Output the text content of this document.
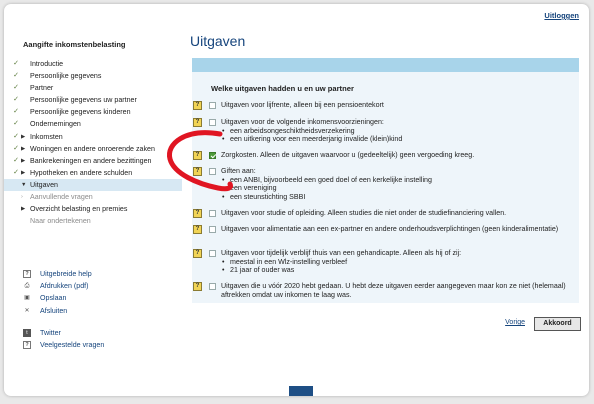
Uitloggen
Aangifte inkomstenbelasting
✓ Introductie
✓ Persoonlijke gegevens
✓ Partner
✓ Persoonlijke gegevens uw partner
✓ Persoonlijke gegevens kinderen
✓ Ondernemingen
✓ ▶ Inkomsten
✓ ▶ Woningen en andere onroerende zaken
✓ ▶ Bankrekeningen en andere bezittingen
✓ ▶ Hypotheken en andere schulden
▼ Uitgaven
› Aanvullende vragen
▶ Overzicht belasting en premies
Naar ondertekenen
?	Uitgebreide help
⎙ Afdrukken (pdf)
▣ Opslaan
✕ Afsluiten
t	Twitter
?	Veelgestelde vragen
Uitgaven
Welke uitgaven hadden u en uw partner
?	Uitgaven voor lijfrente, alleen bij een pensioentekort
?	Uitgaven voor de volgende inkomensvoorzieningen:
• een arbeidsongeschiktheidsverzekering
• een uitkering voor een meerderjarig invalide (klein)kind
?	Zorgkosten. Alleen de uitgaven waarvoor u (gedeeltelijk) geen vergoeding kreeg.
?	Giften aan:
• een ANBI, bijvoorbeeld een goed doel of een kerkelijke instelling
• een vereniging
• een steunstichting SBBI
?	Uitgaven voor studie of opleiding. Alleen studies die niet onder de studiefinanciering vallen.
?	Uitgaven voor alimentatie aan een ex-partner en andere onderhoudsverplichtingen (geen kinderalimentatie)
?	Uitgaven voor tijdelijk verblijf thuis van een gehandicapte. Alleen als hij of zij:
• meestal in een Wlz-instelling verbleef
• 21 jaar of ouder was
?	Uitgaven die u vóór 2020 hebt gedaan. U hebt deze uitgaven eerder aangegeven maar kon ze niet (helemaal) aftrekken omdat uw inkomen te laag was.
Vorige	Akkoord
